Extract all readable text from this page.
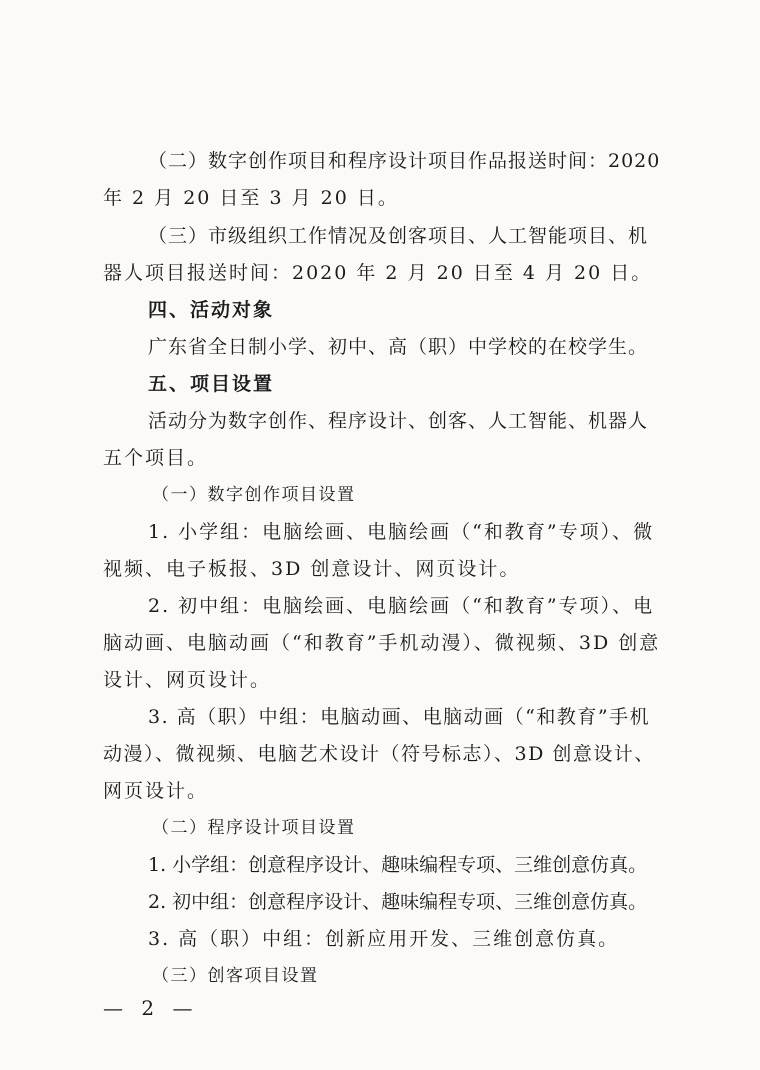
（二）数字创作项目和程序设计项目作品报送时间：2020
年 2 月 20 日至 3 月 20 日。
（三）市级组织工作情况及创客项目、人工智能项目、机
器人项目报送时间：2020 年 2 月 20 日至 4 月 20 日。
四、活动对象
广东省全日制小学、初中、高（职）中学校的在校学生。
五、项目设置
活动分为数字创作、程序设计、创客、人工智能、机器人
五个项目。
（一）数字创作项目设置
1. 小学组：电脑绘画、电脑绘画（“和教育”专项）、微
视频、电子板报、3D 创意设计、网页设计。
2. 初中组：电脑绘画、电脑绘画（“和教育”专项）、电
脑动画、电脑动画（“和教育”手机动漫）、微视频、3D 创意
设计、网页设计。
3. 高（职）中组：电脑动画、电脑动画（“和教育”手机
动漫）、微视频、电脑艺术设计（符号标志）、3D 创意设计、
网页设计。
（二）程序设计项目设置
1. 小学组：创意程序设计、趣味编程专项、三维创意仿真。
2. 初中组：创意程序设计、趣味编程专项、三维创意仿真。
3. 高（职）中组：创新应用开发、三维创意仿真。
（三）创客项目设置
— 2 —
